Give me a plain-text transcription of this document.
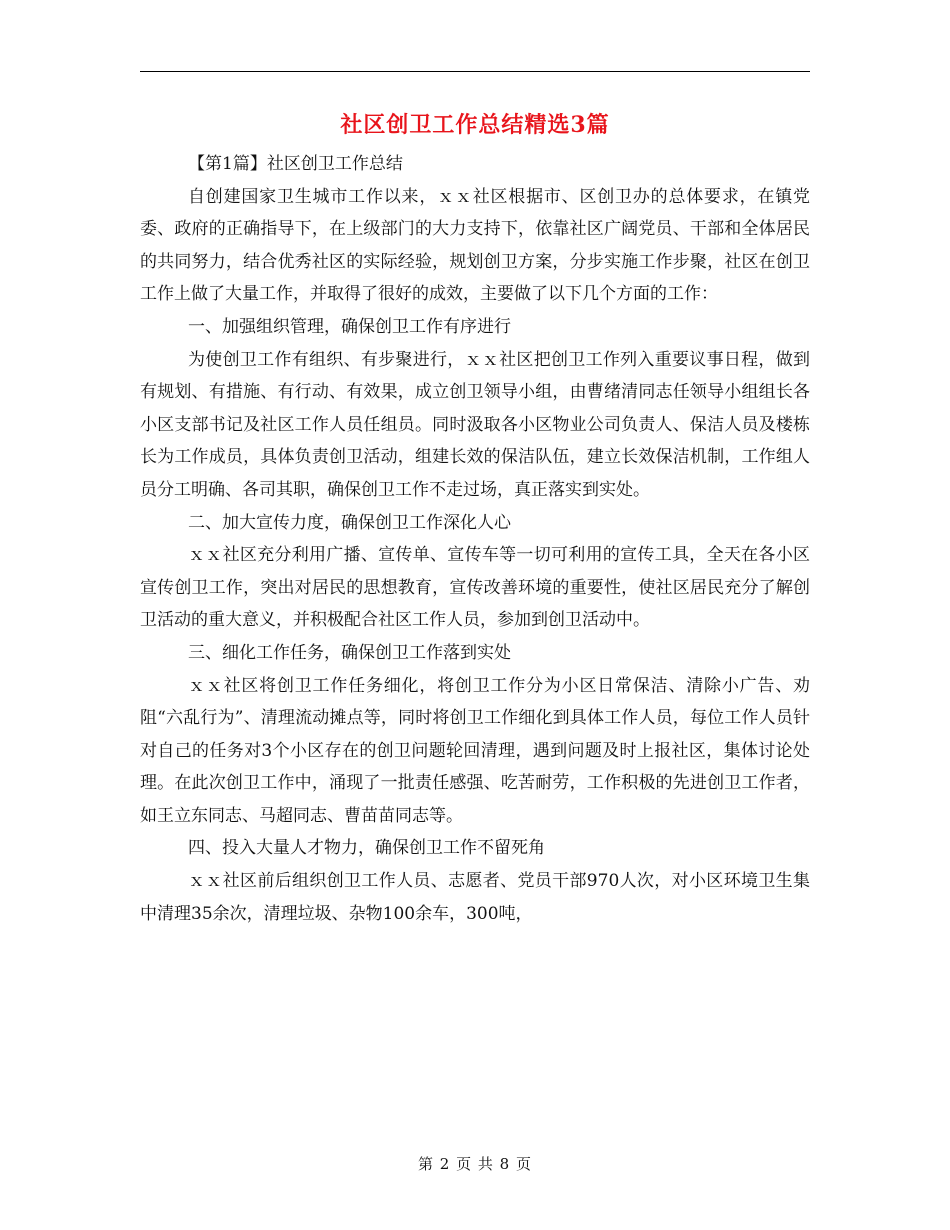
社区创卫工作总结精选3篇

【第1篇】社区创卫工作总结

自创建国家卫生城市工作以来，ｘｘ社区根据市、区创卫办的总体要求，在镇党委、政府的正确指导下，在上级部门的大力支持下，依靠社区广阔党员、干部和全体居民的共同努力，结合优秀社区的实际经验，规划创卫方案，分步实施工作步聚，社区在创卫工作上做了大量工作，并取得了很好的成效，主要做了以下几个方面的工作：

一、加强组织管理，确保创卫工作有序进行

为使创卫工作有组织、有步聚进行，ｘｘ社区把创卫工作列入重要议事日程，做到有规划、有措施、有行动、有效果，成立创卫领导小组，由曹绪清同志任领导小组组长各小区支部书记及社区工作人员任组员。同时汲取各小区物业公司负责人、保洁人员及楼栋长为工作成员，具体负责创卫活动，组建长效的保洁队伍，建立长效保洁机制，工作组人员分工明确、各司其职，确保创卫工作不走过场，真正落实到实处。

二、加大宣传力度，确保创卫工作深化人心

ｘｘ社区充分利用广播、宣传单、宣传车等一切可利用的宣传工具，全天在各小区宣传创卫工作，突出对居民的思想教育，宣传改善环境的重要性，使社区居民充分了解创卫活动的重大意义，并积极配合社区工作人员，参加到创卫活动中。

三、细化工作任务，确保创卫工作落到实处

ｘｘ社区将创卫工作任务细化，将创卫工作分为小区日常保洁、清除小广告、劝阻“六乱行为”、清理流动摊点等，同时将创卫工作细化到具体工作人员，每位工作人员针对自己的任务对3个小区存在的创卫问题轮回清理，遇到问题及时上报社区，集体讨论处理。在此次创卫工作中，涌现了一批责任感强、吃苦耐劳，工作积极的先进创卫工作者，如王立东同志、马超同志、曹苗苗同志等。

四、投入大量人才物力，确保创卫工作不留死角

ｘｘ社区前后组织创卫工作人员、志愿者、党员干部970人次，对小区环境卫生集中清理35余次，清理垃圾、杂物100余车，300吨，

第 2 页 共 8 页
